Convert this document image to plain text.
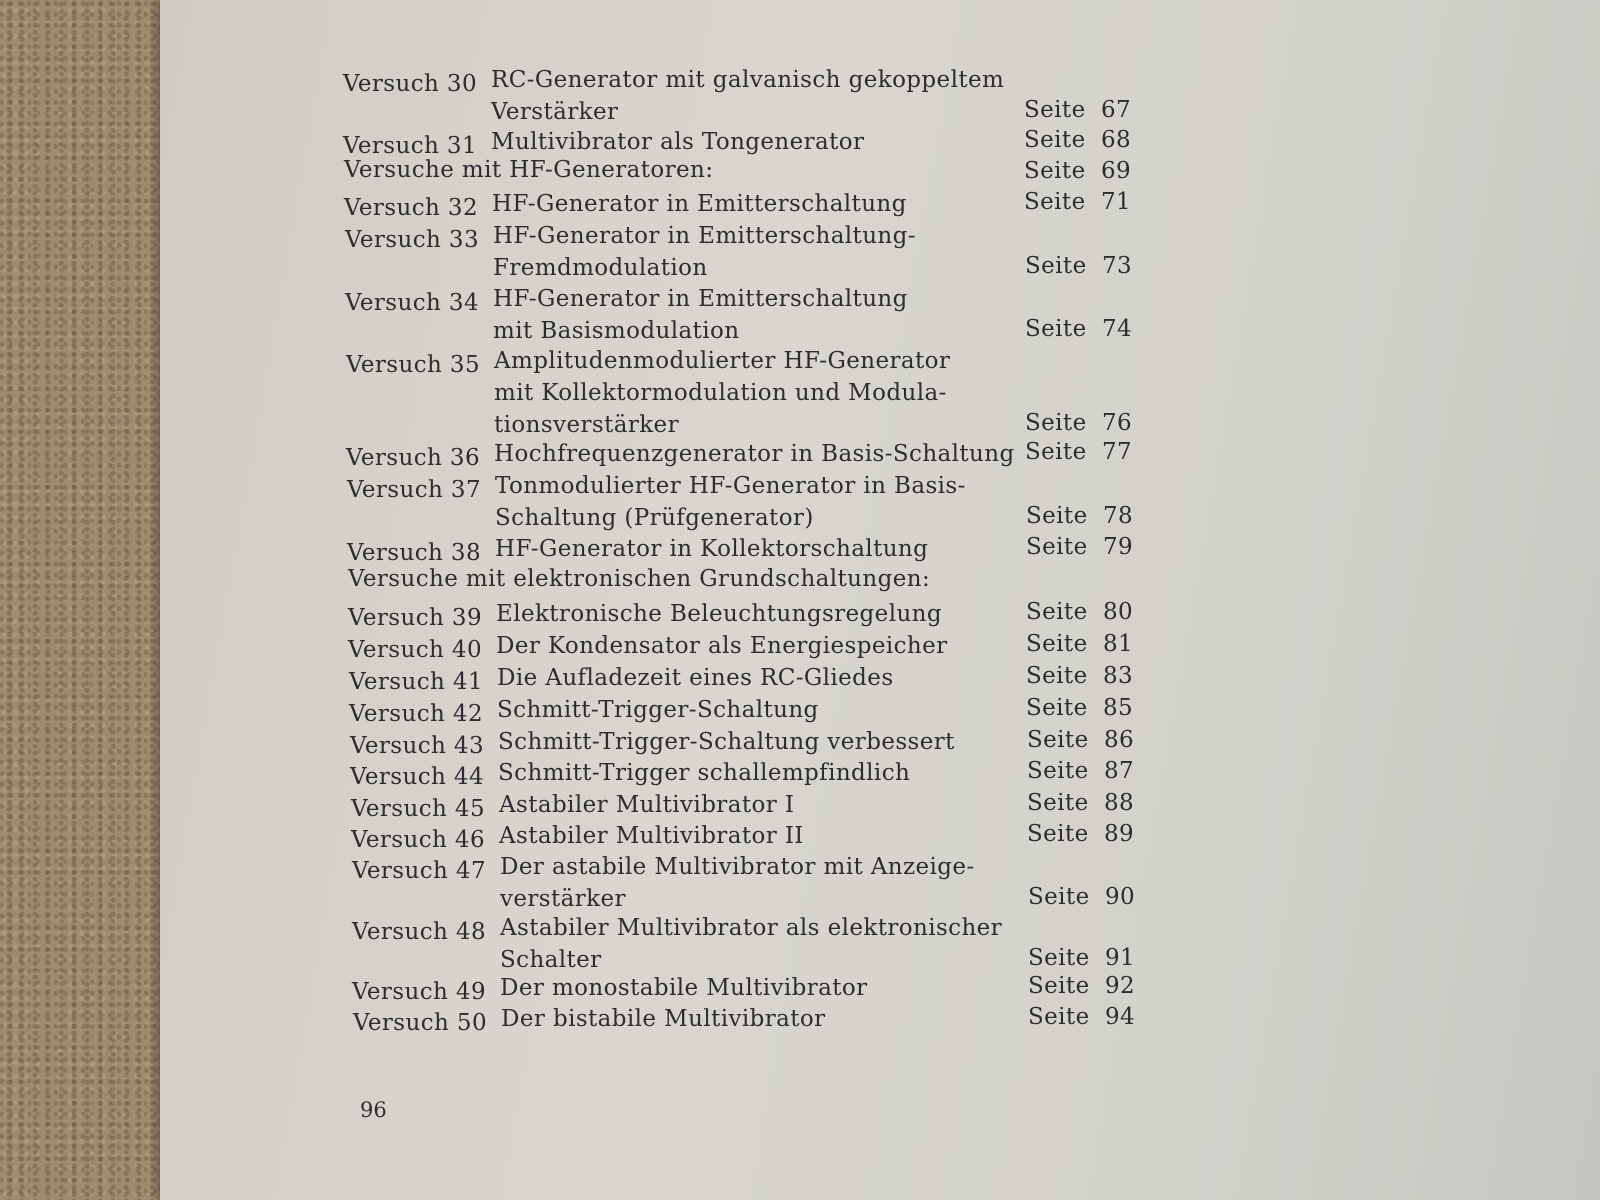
Versuch 30 RC-Generator mit galvanisch gekoppeltem
Verstärker	Seite  67
Versuch 31 Multivibrator als Tongenerator	Seite  68
Versuche mit HF-Generatoren:	Seite  69
Versuch 32 HF-Generator in Emitterschaltung	Seite  71
Versuch 33 HF-Generator in Emitterschaltung-
Fremdmodulation	Seite  73
Versuch 34 HF-Generator in Emitterschaltung
mit Basismodulation	Seite  74
Versuch 35 Amplitudenmodulierter HF-Generator
mit Kollektormodulation und Modula-
tionsverstärker	Seite  76
Versuch 36 Hochfrequenzgenerator in Basis-Schaltung Seite  77
Versuch 37 Tonmodulierter HF-Generator in Basis-
Schaltung (Prüfgenerator)	Seite  78
Versuch 38 HF-Generator in Kollektorschaltung	Seite  79
Versuche mit elektronischen Grundschaltungen:
Versuch 39 Elektronische Beleuchtungsregelung	Seite  80
Versuch 40 Der Kondensator als Energiespeicher	Seite  81
Versuch 41 Die Aufladezeit eines RC-Gliedes	Seite  83
Versuch 42 Schmitt-Trigger-Schaltung	Seite  85
Versuch 43 Schmitt-Trigger-Schaltung verbessert	Seite  86
Versuch 44 Schmitt-Trigger schallempfindlich	Seite  87
Versuch 45 Astabiler Multivibrator I	Seite  88
Versuch 46 Astabiler Multivibrator II	Seite  89
Versuch 47 Der astabile Multivibrator mit Anzeige-
verstärker	Seite  90
Versuch 48 Astabiler Multivibrator als elektronischer
Schalter	Seite  91
Versuch 49 Der monostabile Multivibrator	Seite  92
Versuch 50 Der bistabile Multivibrator	Seite  94
96
